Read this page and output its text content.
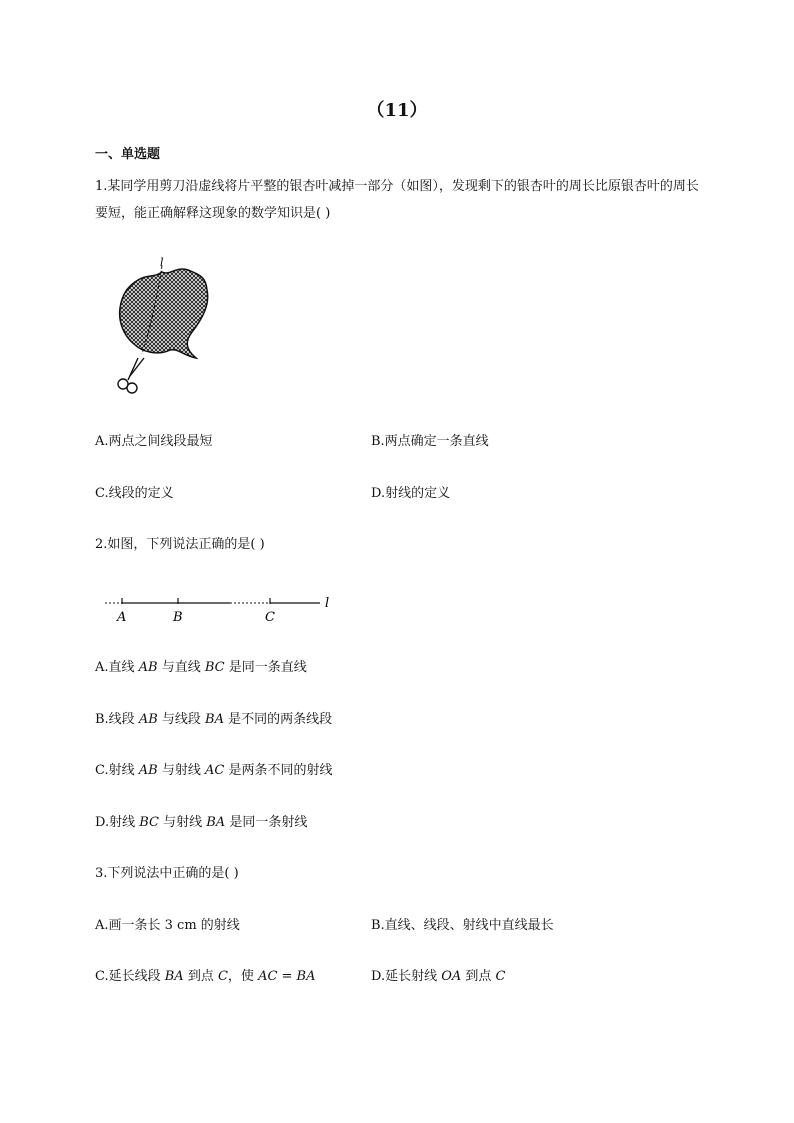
（11）
一、单选题
1.某同学用剪刀沿虚线将片平整的银杏叶减掉一部分（如图），发现剩下的银杏叶的周长比原银杏叶的周长要短，能正确解释这现象的数学知识是( )
l
A.两点之间线段最短	B.两点确定一条直线
C.线段的定义	D.射线的定义
2.如图，下列说法正确的是( )
A	B	C
l
A.直线 AB 与直线 BC 是同一条直线
B.线段 AB 与线段 BA 是不同的两条线段
C.射线 AB 与射线 AC 是两条不同的射线
D.射线 BC 与射线 BA 是同一条射线
3.下列说法中正确的是( )
A.画一条长 3 cm 的射线	B.直线、线段、射线中直线最长
C.延长线段 BA 到点 C，使 AC = BA	D.延长射线 OA 到点 C
